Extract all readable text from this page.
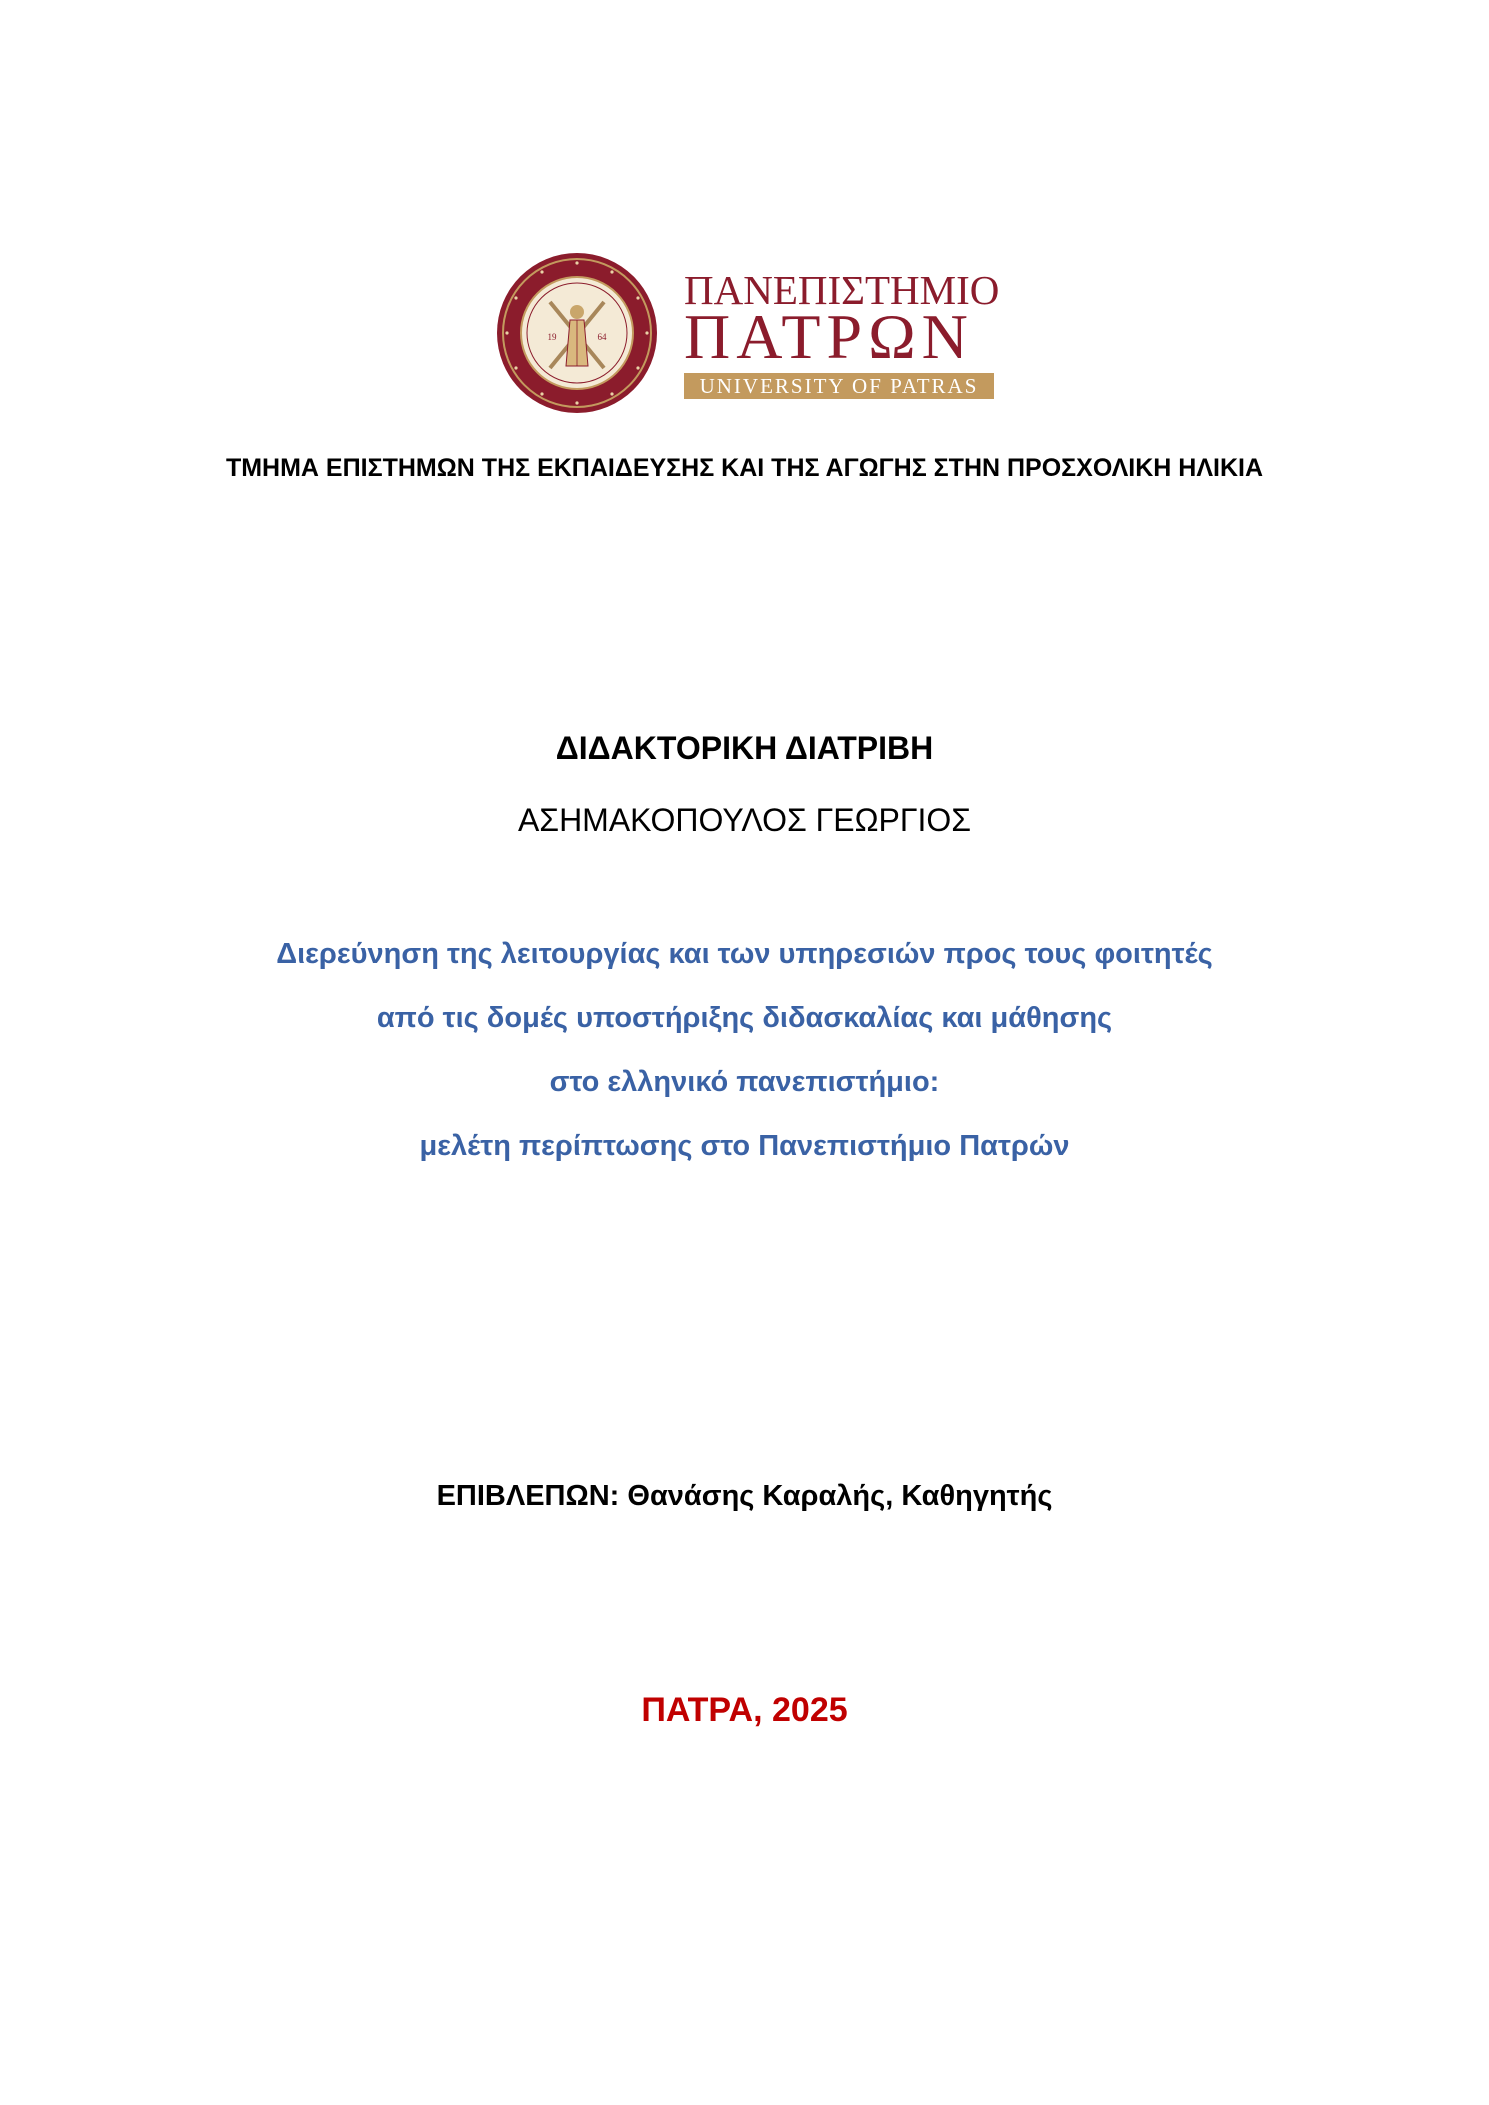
19	64
ΠΑΝΕΠΙΣΤΗΜΙΟ
ΠΑΤΡΩΝ
UNIVERSITY OF PATRAS
ΤΜΗΜΑ ΕΠΙΣΤΗΜΩΝ ΤΗΣ ΕΚΠΑΙΔΕΥΣΗΣ ΚΑΙ ΤΗΣ ΑΓΩΓΗΣ ΣΤΗΝ ΠΡΟΣΧΟΛΙΚΗ ΗΛΙΚΙΑ
ΔΙΔΑΚΤΟΡΙΚΗ ΔΙΑΤΡΙΒΗ
ΑΣΗΜΑΚΟΠΟΥΛΟΣ ΓΕΩΡΓΙΟΣ
Διερεύνηση της λειτουργίας και των υπηρεσιών προς τους φοιτητές
από τις δομές υποστήριξης διδασκαλίας και μάθησης
στο ελληνικό πανεπιστήμιο:
μελέτη περίπτωσης στο Πανεπιστήμιο Πατρών
ΕΠΙΒΛΕΠΩΝ: Θανάσης Καραλής, Καθηγητής
ΠΑΤΡΑ, 2025
